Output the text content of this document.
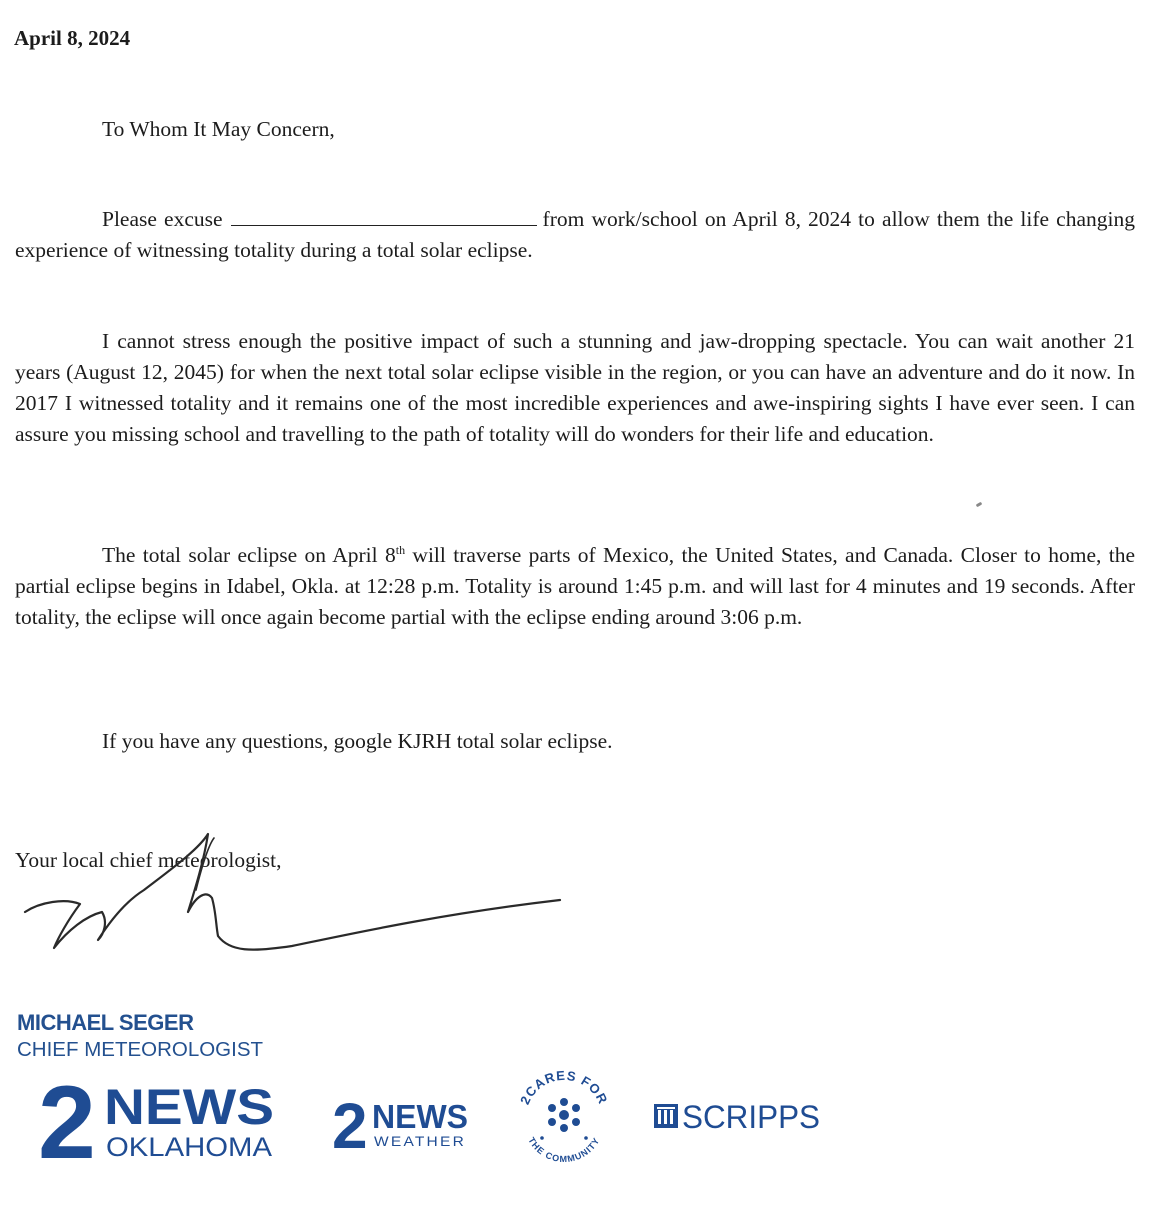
April 8, 2024

To Whom It May Concern,

Please excuse	from work/school on April 8, 2024 to allow them the life changing experience of witnessing totality during a total solar eclipse.

I cannot stress enough the positive impact of such a stunning and jaw-dropping spectacle. You can wait another 21 years (August 12, 2045) for when the next total solar eclipse visible in the region, or you can have an adventure and do it now. In 2017 I witnessed totality and it remains one of the most incredible experiences and awe-inspiring sights I have ever seen. I can assure you missing school and travelling to the path of totality will do wonders for their life and education.

The total solar eclipse on April 8th will traverse parts of Mexico, the United States, and Canada. Closer to home, the partial eclipse begins in Idabel, Okla. at 12:28 p.m. Totality is around 1:45 p.m. and will last for 4 minutes and 19 seconds. After totality, the eclipse will once again become partial with the eclipse ending around 3:06 p.m.

If you have any questions, google KJRH total solar eclipse.

Your local chief meteorologist,
MICHAEL SEGER
CHIEF METEOROLOGIST
2 NEWS
OKLAHOMA 2 NEWS
WEATHER
2CARES FOR
THE COMMUNITY
SCRIPPS
